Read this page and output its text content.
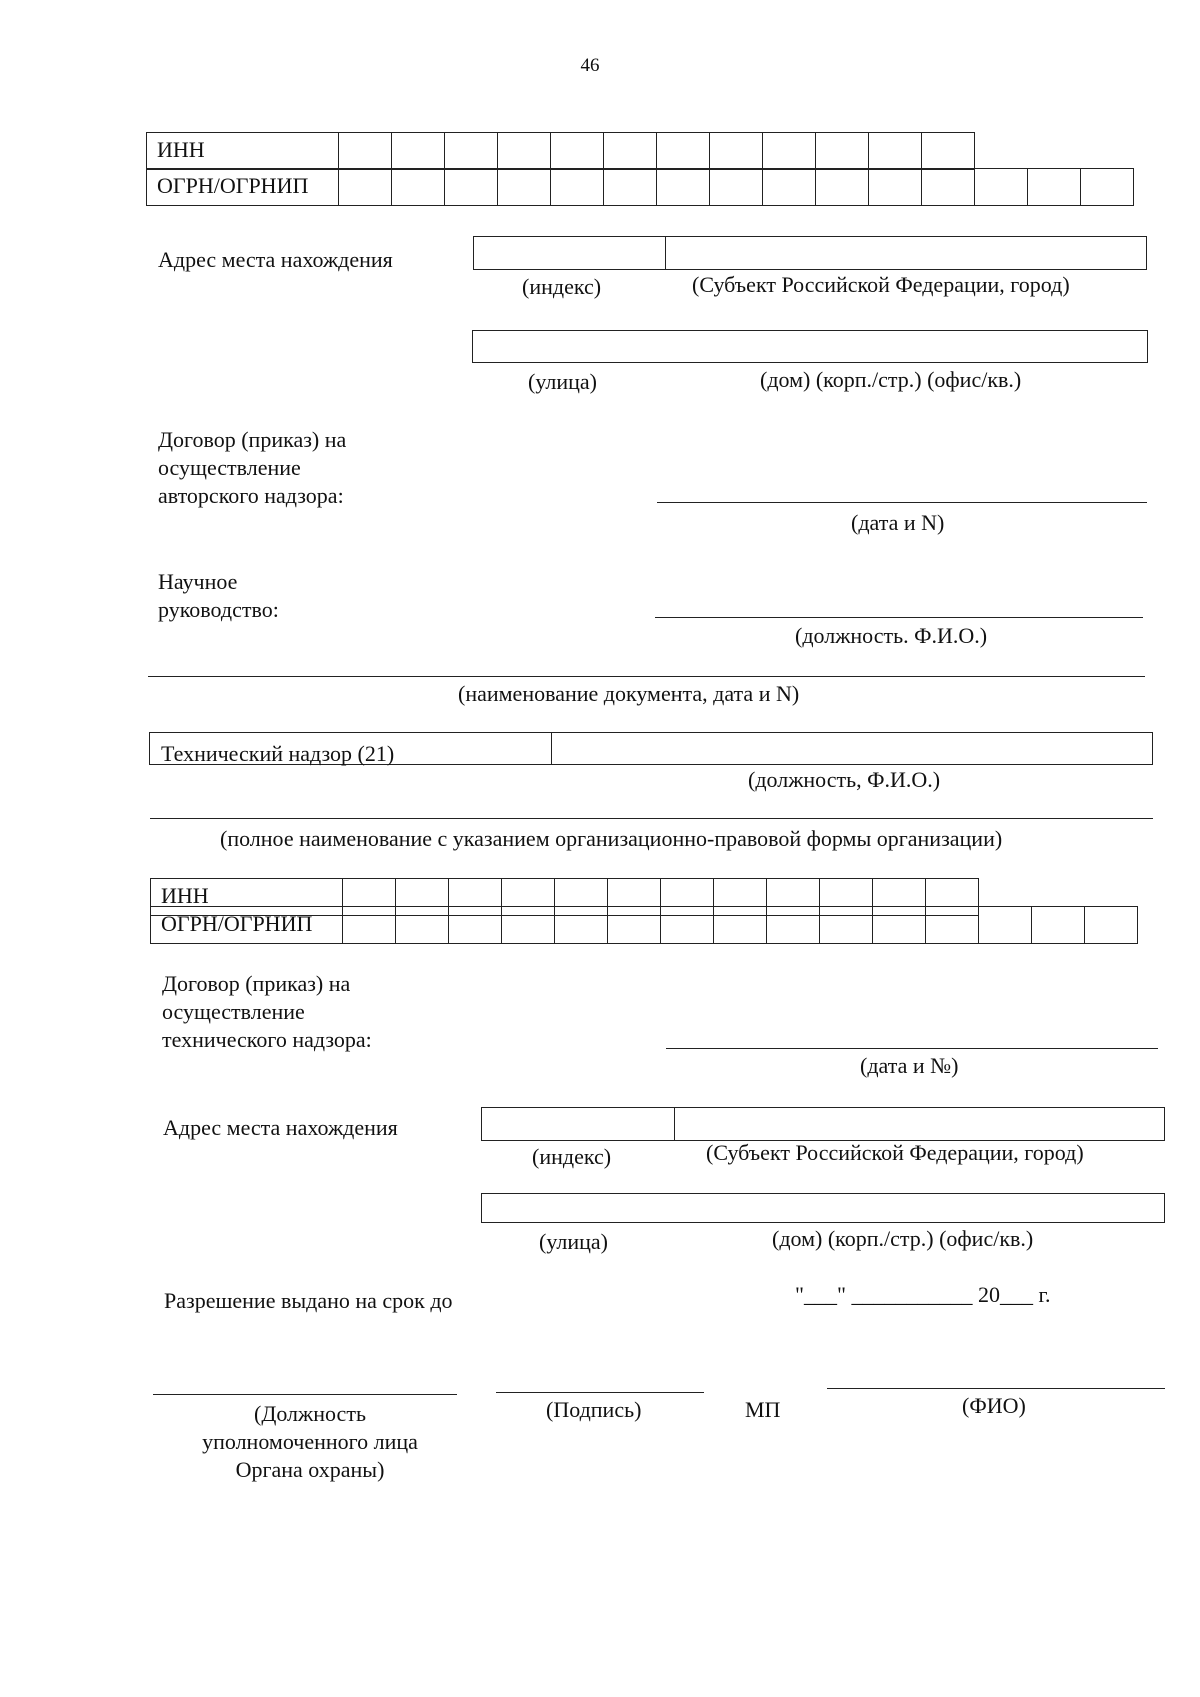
46
ИНН
ОГРН/ОГРНИП
Адрес места нахождения
(индекс)	(Субъект Российской Федерации, город)
(улица)	(дом) (корп./стр.) (офис/кв.)
Договор (приказ) на осуществление авторского надзора:
(дата и N)
Научное руководство:
(должность. Ф.И.О.)
(наименование документа, дата и N)
Технический надзор (21)
(должность, Ф.И.О.)
(полное наименование с указанием организационно-правовой формы организации)
ИНН
ОГРН/ОГРНИП
Договор (приказ) на осуществление технического надзора:
(дата и №)
Адрес места нахождения
(индекс)	(Субъект Российской Федерации, город)
(улица)	(дом) (корп./стр.) (офис/кв.)
Разрешение выдано на срок до	"___" ___________ 20___ г.
(Должность уполномоченного лица Органа охраны)
(Подпись)	МП	(ФИО)
